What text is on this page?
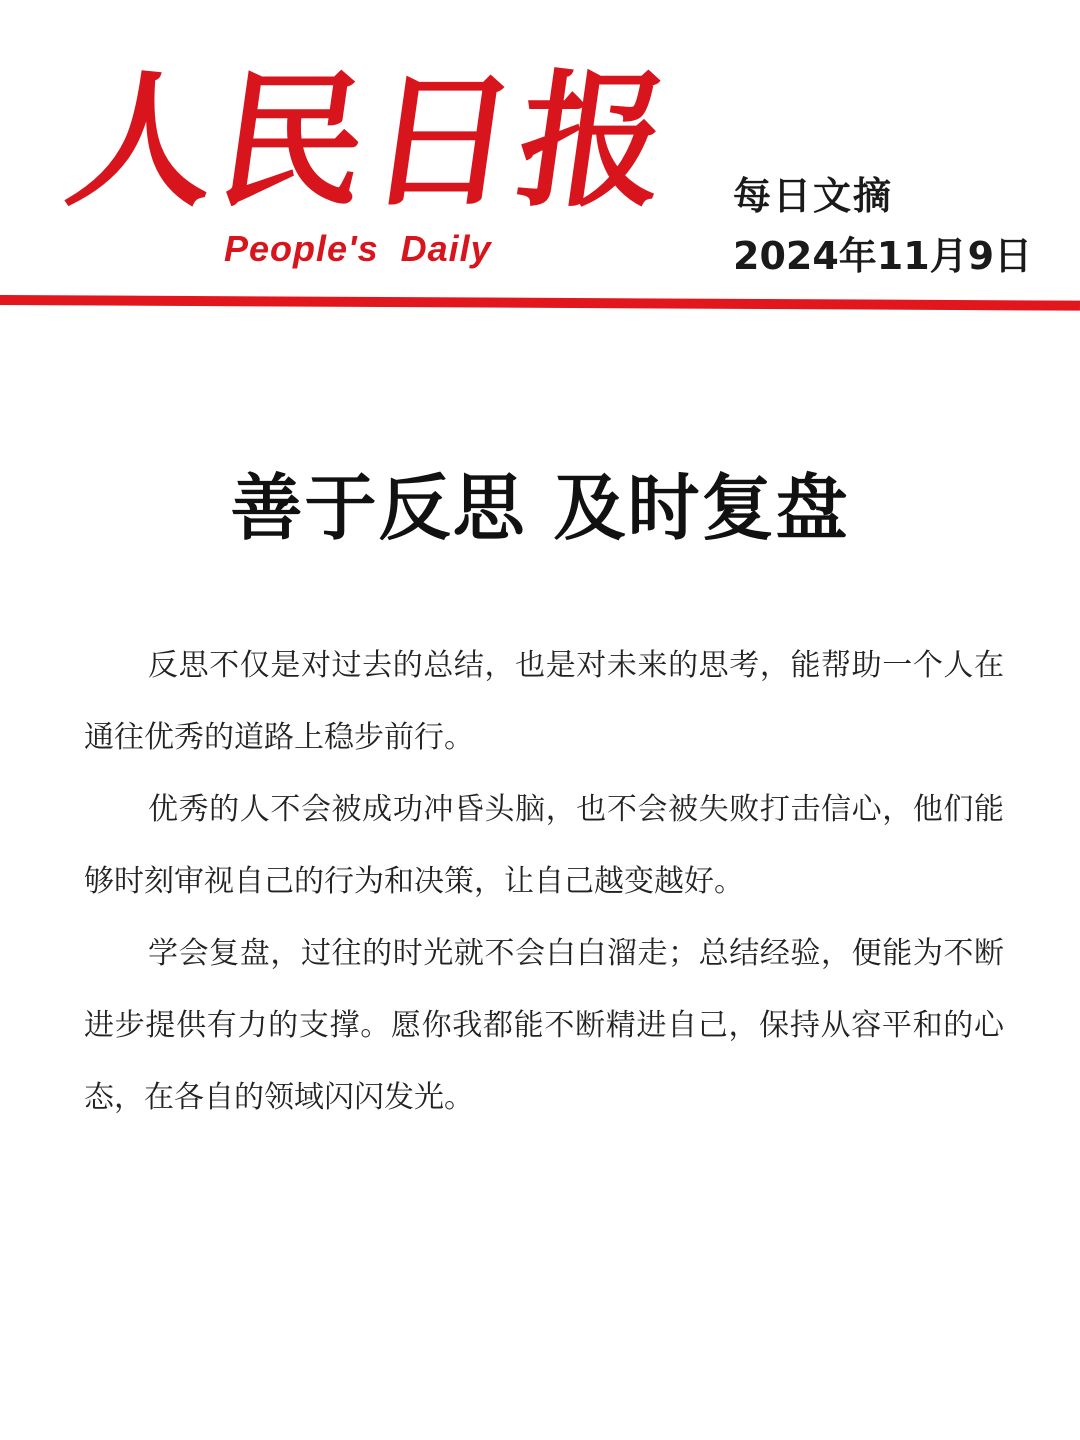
人民日报
People's  Daily
每日文摘
2024年11月9日
善于反思 及时复盘

反思不仅是对过去的总结，也是对未来的思考，能帮助一个人在通往优秀的道路上稳步前行。

优秀的人不会被成功冲昏头脑，也不会被失败打击信心，他们能够时刻审视自己的行为和决策，让自己越变越好。

学会复盘，过往的时光就不会白白溜走；总结经验，便能为不断进步提供有力的支撑。愿你我都能不断精进自己，保持从容平和的心态，在各自的领域闪闪发光。
